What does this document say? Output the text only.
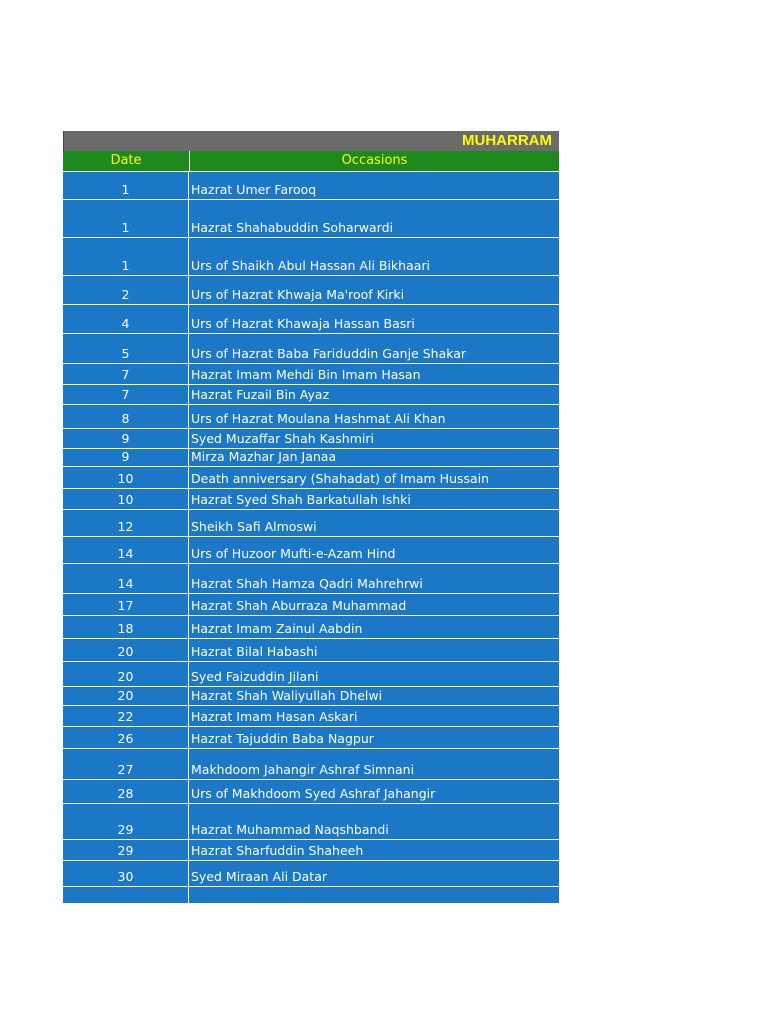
MUHARRAM
Date	Occasions
1	Hazrat Umer Farooq
1	Hazrat Shahabuddin Soharwardi
1	Urs of Shaikh Abul Hassan Ali Bikhaari
2	Urs of Hazrat Khwaja Ma'roof Kirki
4	Urs of Hazrat Khawaja Hassan Basri
5	Urs of Hazrat Baba Fariduddin Ganje Shakar
7	Hazrat Imam Mehdi Bin Imam Hasan
7	Hazrat Fuzail Bin Ayaz
8	Urs of Hazrat Moulana Hashmat Ali Khan
9	Syed Muzaffar Shah Kashmiri
9	Mirza Mazhar Jan Janaa
10	Death anniversary (Shahadat) of Imam Hussain
10	Hazrat Syed Shah Barkatullah Ishki
12	Sheikh Safi Almoswi
14	Urs of Huzoor Mufti-e-Azam Hind
14	Hazrat Shah Hamza Qadri Mahrehrwi
17	Hazrat Shah Aburraza Muhammad
18	Hazrat Imam Zainul Aabdin
20	Hazrat Bilal Habashi
20	Syed Faizuddin Jilani
20	Hazrat Shah Waliyullah Dhelwi
22	Hazrat Imam Hasan Askari
26	Hazrat Tajuddin Baba Nagpur
27	Makhdoom Jahangir Ashraf Simnani
28	Urs of Makhdoom Syed Ashraf Jahangir
29	Hazrat Muhammad Naqshbandi
29	Hazrat Sharfuddin Shaheeh
30	Syed Miraan Ali Datar
